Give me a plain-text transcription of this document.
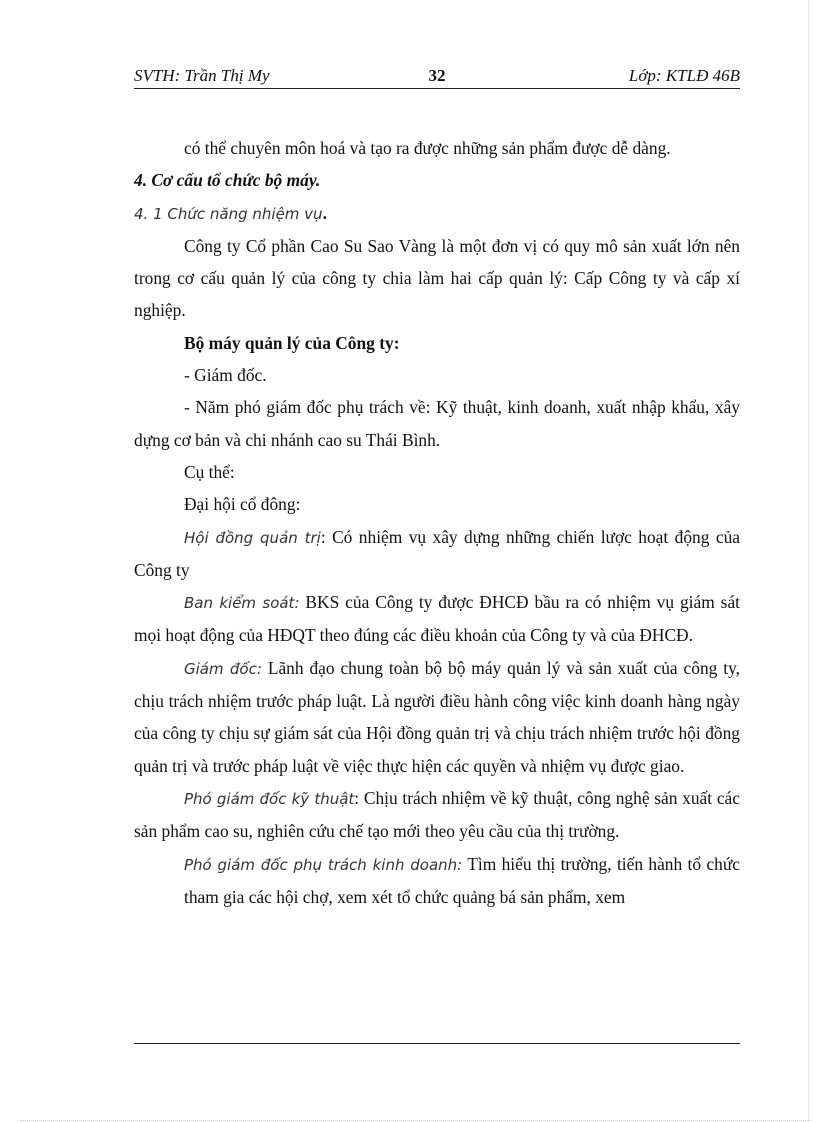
SVTH: Trần Thị My	32	Lớp: KTLĐ 46B

có thể chuyên môn hoá và tạo ra được những sản phẩm được dễ dàng.

4. Cơ cấu tổ chức bộ máy.

4. 1 Chức năng nhiệm vụ.

Công ty Cổ phần Cao Su Sao Vàng là một đơn vị có quy mô sản xuất lớn nên trong cơ cấu quản lý của công ty chia làm hai cấp quản lý: Cấp Công ty và cấp xí nghiệp.

Bộ máy quản lý của Công ty:

- Giám đốc.

- Năm phó giám đốc phụ trách về: Kỹ thuật, kinh doanh, xuất nhập khẩu, xây dựng cơ bản và chi nhánh cao su Thái Bình.

Cụ thể:

Đại hội cổ đông:

Hội đồng quản trị: Có nhiệm vụ xây dựng những chiến lược hoạt động của Công ty

Ban kiểm soát: BKS của Công ty được ĐHCĐ bầu ra có nhiệm vụ giám sát mọi hoạt động của HĐQT theo đúng các điều khoản của Công ty và của ĐHCĐ.

Giám đốc: Lãnh đạo chung toàn bộ bộ máy quản lý và sản xuất của công ty, chịu trách nhiệm trước pháp luật. Là người điều hành công việc kinh doanh hàng ngày của công ty chịu sự giám sát của Hội đồng quản trị và chịu trách nhiệm trước hội đồng quản trị và trước pháp luật về việc thực hiện các quyền và nhiệm vụ được giao.

Phó giám đốc kỹ thuật: Chịu trách nhiệm về kỹ thuật, công nghệ sản xuất các sản phẩm cao su, nghiên cứu chế tạo mới theo yêu cầu của thị trường.

Phó giám đốc phụ trách kinh doanh: Tìm hiểu thị trường, tiến hành tổ chức tham gia các hội chợ, xem xét tổ chức quảng bá sản phẩm, xem
